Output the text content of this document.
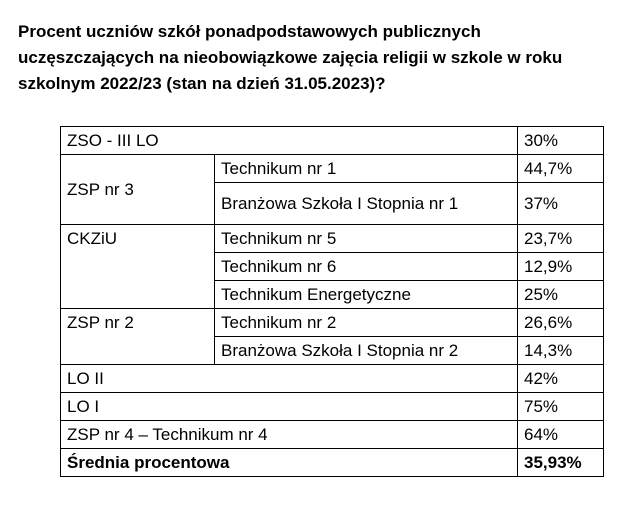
Procent uczniów szkół ponadpodstawowych publicznych
uczęszczających na nieobowiązkowe zajęcia religii w szkole w roku
szkolnym 2022/23 (stan na dzień 31.05.2023)?
ZSO - III LO		30%
ZSP nr 3	Technikum nr 1	44,7%
	Branżowa Szkoła I Stopnia nr 1	37%
CKZiU	Technikum nr 5	23,7%
	Technikum nr 6	12,9%
	Technikum Energetyczne	25%
ZSP nr 2	Technikum nr 2	26,6%
	Branżowa Szkoła I Stopnia nr 2	14,3%
LO II		42%
LO I		75%
ZSP nr 4 – Technikum nr 4		64%
Średnia procentowa		35,93%
